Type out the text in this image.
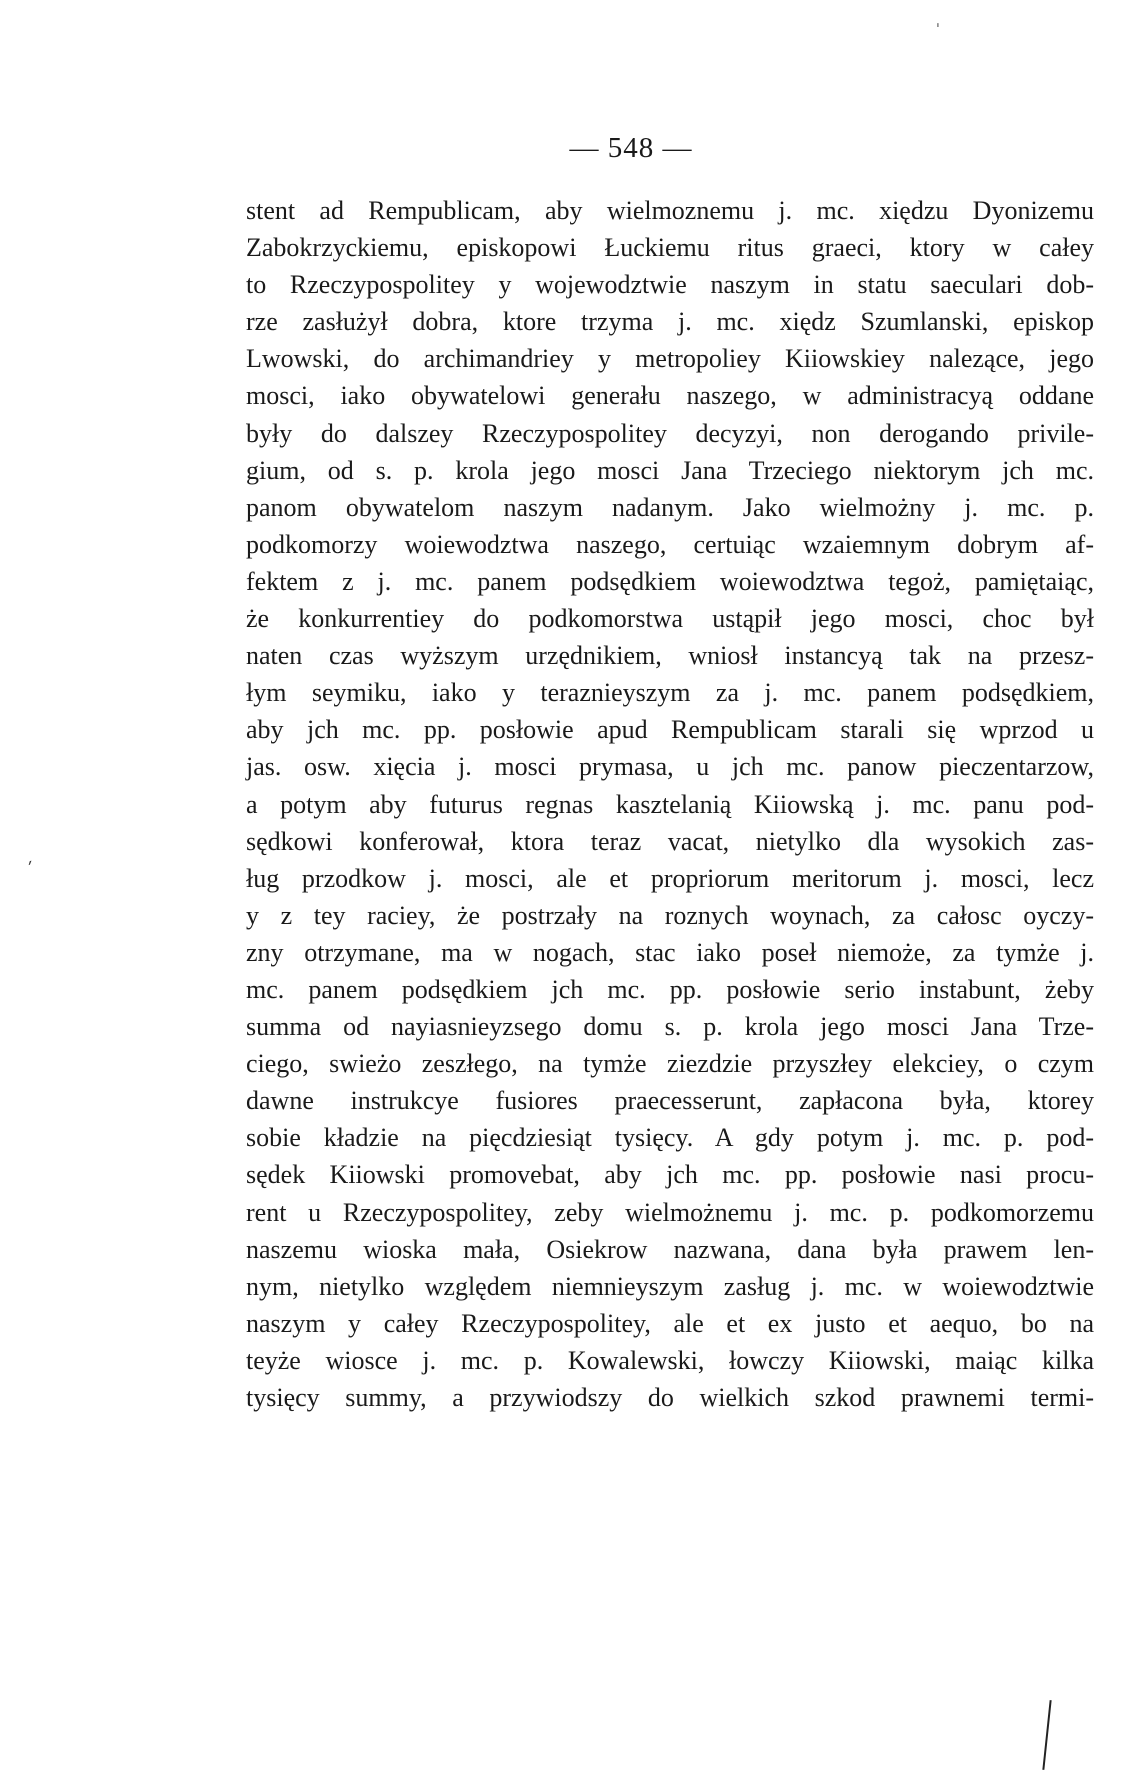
ˈ
ˏ
— 548 —
stent ad Rempublicam, aby wielmoznemu j. mc. xiędzu Dyonizemu
Zabokrzyckiemu, episkopowi Łuckiemu ritus graeci, ktory w całey
to Rzeczypospolitey y wojewodztwie naszym in statu saeculari dob-
rze zasłużył dobra, ktore trzyma j. mc. xiędz Szumlanski, episkop
Lwowski, do archimandriey y metropoliey Kiiowskiey nalezące, jego
mosci, iako obywatelowi generału naszego, w administracyą oddane
były do dalszey Rzeczypospolitey decyzyi, non derogando privile-
gium, od s. p. krola jego mosci Jana Trzeciego niektorym jch mc.
panom obywatelom naszym nadanym. Jako wielmożny j. mc. p.
podkomorzy woiewodztwa naszego, certuiąc wzaiemnym dobrym af-
fektem z j. mc. panem podsędkiem woiewodztwa tegoż, pamiętaiąc,
że konkurrentiey do podkomorstwa ustąpił jego mosci, choc był
naten czas wyższym urzędnikiem, wniosł instancyą tak na przesz-
łym seymiku, iako y teraznieyszym za j. mc. panem podsędkiem,
aby jch mc. pp. posłowie apud Rempublicam starali się wprzod u
jas. osw. xięcia j. mosci prymasa, u jch mc. panow pieczentarzow,
a potym aby futurus regnas kasztelanią Kiiowską j. mc. panu pod-
sędkowi konferował, ktora teraz vacat, nietylko dla wysokich zas-
ług przodkow j. mosci, ale et propriorum meritorum j. mosci, lecz
y z tey raciey, że postrzały na roznych woynach, za całosc oyczy-
zny otrzymane, ma w nogach, stac iako poseł niemoże, za tymże j.
mc. panem podsędkiem jch mc. pp. posłowie serio instabunt, żeby
summa od nayiasnieyzsego domu s. p. krola jego mosci Jana Trze-
ciego, swieżo zeszłego, na tymże ziezdzie przyszłey elekciey, o czym
dawne instrukcye fusiores praecesserunt, zapłacona była, ktorey
sobie kładzie na pięcdziesiąt tysięcy. A gdy potym j. mc. p. pod-
sędek Kiiowski promovebat, aby jch mc. pp. posłowie nasi procu-
rent u Rzeczypospolitey, zeby wielmożnemu j. mc. p. podkomorzemu
naszemu wioska mała, Osiekrow nazwana, dana była prawem len-
nym, nietylko względem niemnieyszym zasług j. mc. w woiewodztwie
naszym y całey Rzeczypospolitey, ale et ex justo et aequo, bo na
teyże wiosce j. mc. p. Kowalewski, łowczy Kiiowski, maiąc kilka
tysięcy summy, a przywiodszy do wielkich szkod prawnemi termi-
